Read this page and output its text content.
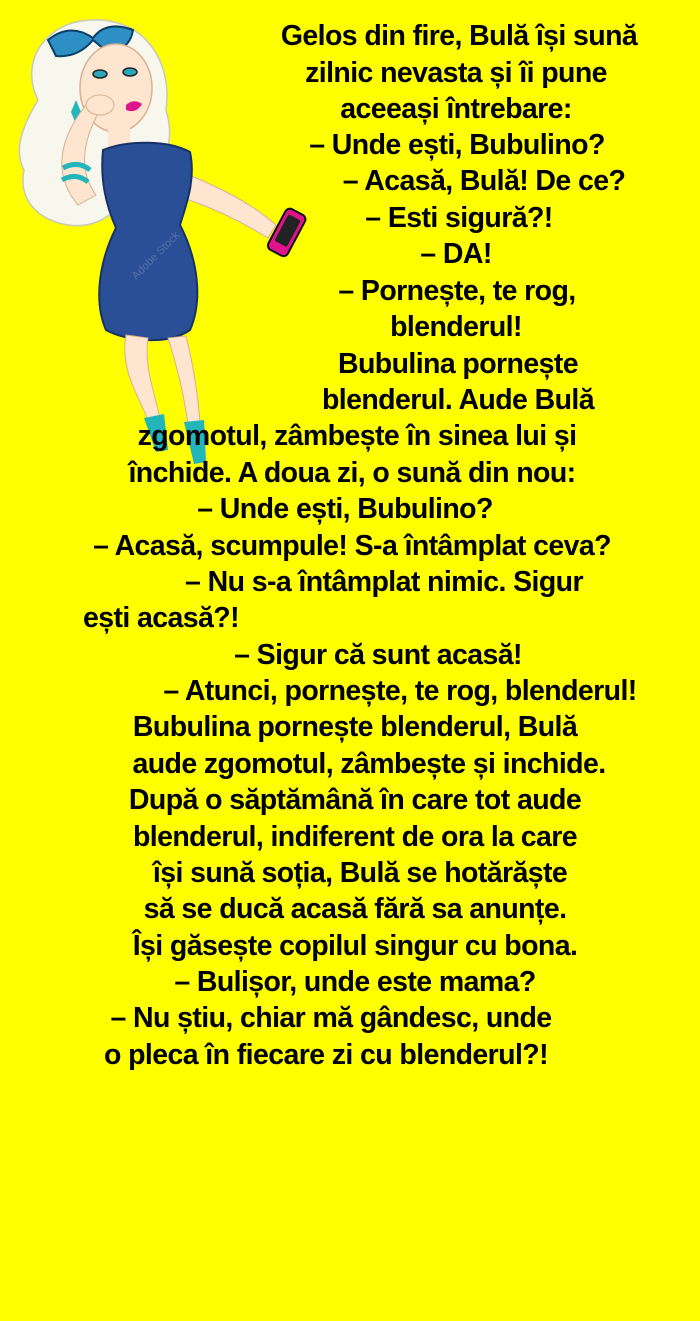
Adobe Stock

Gelos din fire, Bulă își sună

zilnic nevasta și îi pune

aceeași întrebare:

– Unde ești, Bubulino?

– Acasă, Bulă! De ce?

– Esti sigură?!

– DA!

– Pornește, te rog,

blenderul!

Bubulina pornește

blenderul. Aude Bulă

zgomotul, zâmbește în sinea lui și

închide. A doua zi, o sună din nou:

– Unde ești, Bubulino?

– Acasă, scumpule! S-a întâmplat ceva?

– Nu s-a întâmplat nimic. Sigur

ești acasă?!

– Sigur că sunt acasă!

– Atunci, pornește, te rog, blenderul!

Bubulina pornește blenderul, Bulă

aude zgomotul, zâmbește și inchide.

După o săptămână în care tot aude

blenderul, indiferent de ora la care

își sună soția, Bulă se hotărăște

să se ducă acasă fără sa anunțe.

Își găsește copilul singur cu bona.

– Bulișor, unde este mama?

– Nu știu, chiar mă gândesc, unde

o pleca în fiecare zi cu blenderul?!
